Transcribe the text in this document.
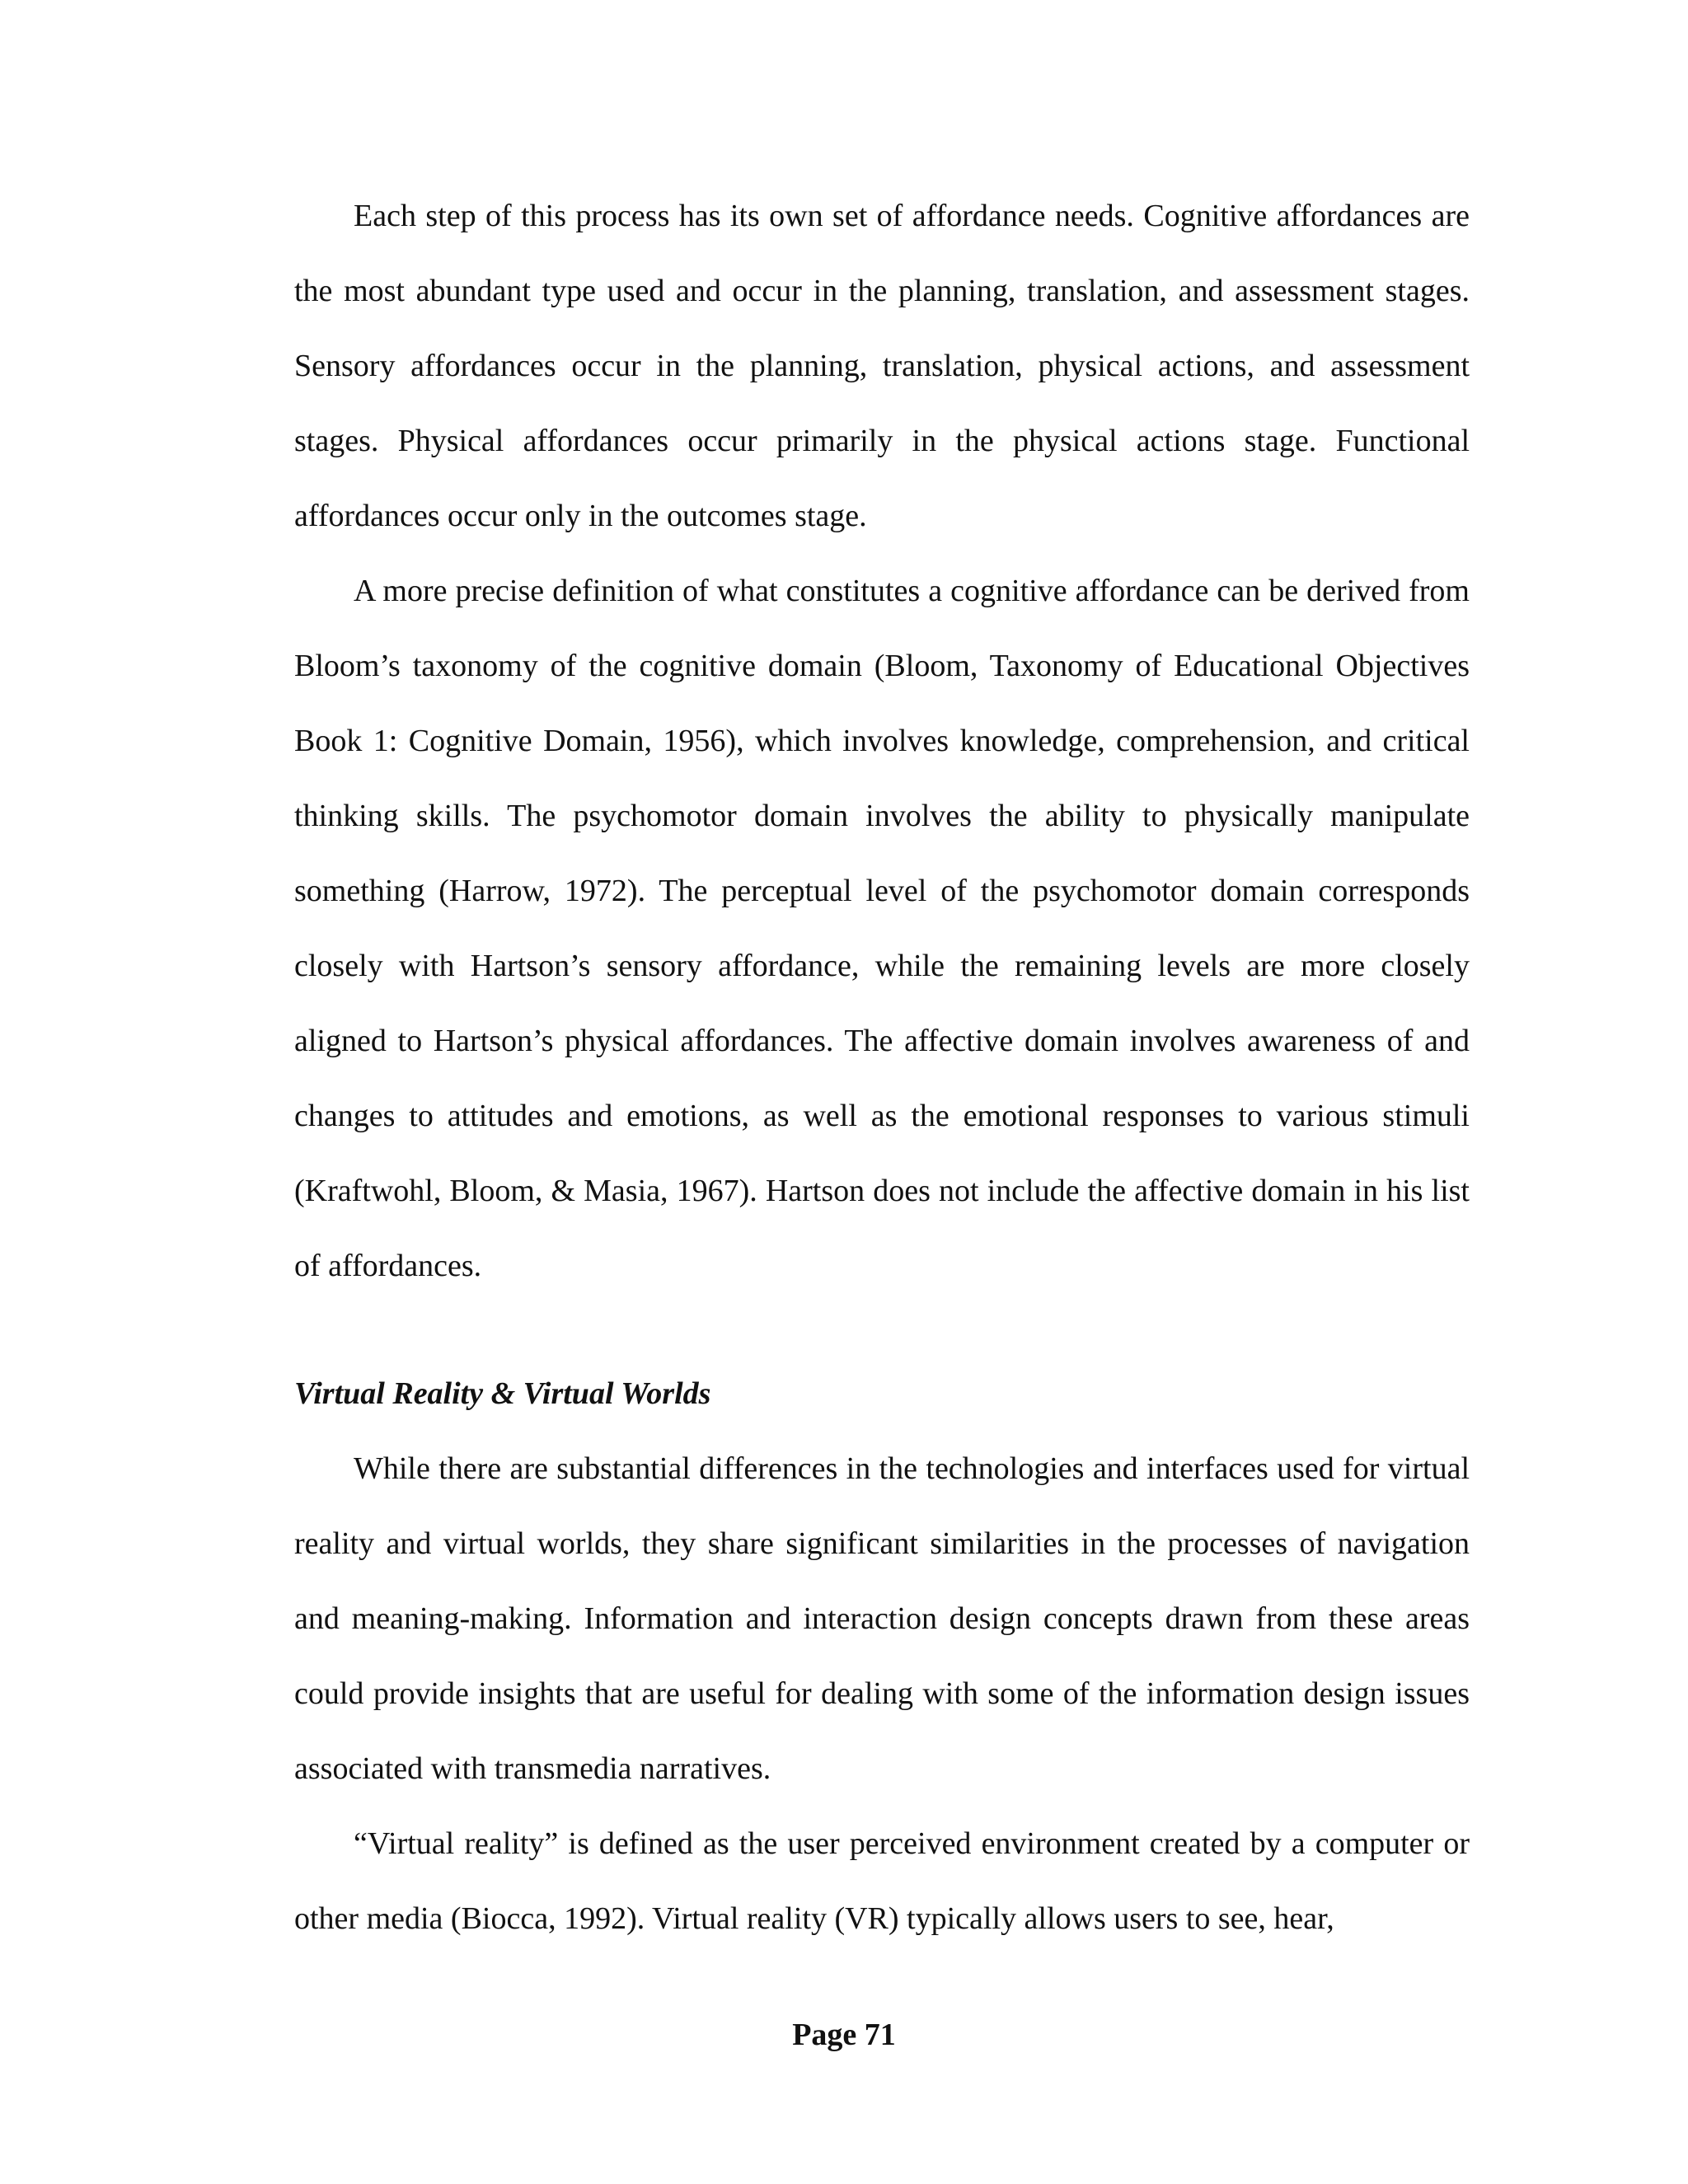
Each step of this process has its own set of affordance needs. Cognitive affordances are the most abundant type used and occur in the planning, translation, and assessment stages. Sensory affordances occur in the planning, translation, physical actions, and assessment stages. Physical affordances occur primarily in the physical actions stage. Functional affordances occur only in the outcomes stage.

A more precise definition of what constitutes a cognitive affordance can be derived from Bloom’s taxonomy of the cognitive domain (Bloom, Taxonomy of Educational Objectives Book 1: Cognitive Domain, 1956), which involves knowledge, comprehension, and critical thinking skills. The psychomotor domain involves the ability to physically manipulate something (Harrow, 1972). The perceptual level of the psychomotor domain corresponds closely with Hartson’s sensory affordance, while the remaining levels are more closely aligned to Hartson’s physical affordances. The affective domain involves awareness of and changes to attitudes and emotions, as well as the emotional responses to various stimuli (Kraftwohl, Bloom, & Masia, 1967). Hartson does not include the affective domain in his list of affordances.

Virtual Reality & Virtual Worlds

While there are substantial differences in the technologies and interfaces used for virtual reality and virtual worlds, they share significant similarities in the processes of navigation and meaning-making. Information and interaction design concepts drawn from these areas could provide insights that are useful for dealing with some of the information design issues associated with transmedia narratives.

“Virtual reality” is defined as the user perceived environment created by a computer or other media (Biocca, 1992). Virtual reality (VR) typically allows users to see, hear,

Page 71
